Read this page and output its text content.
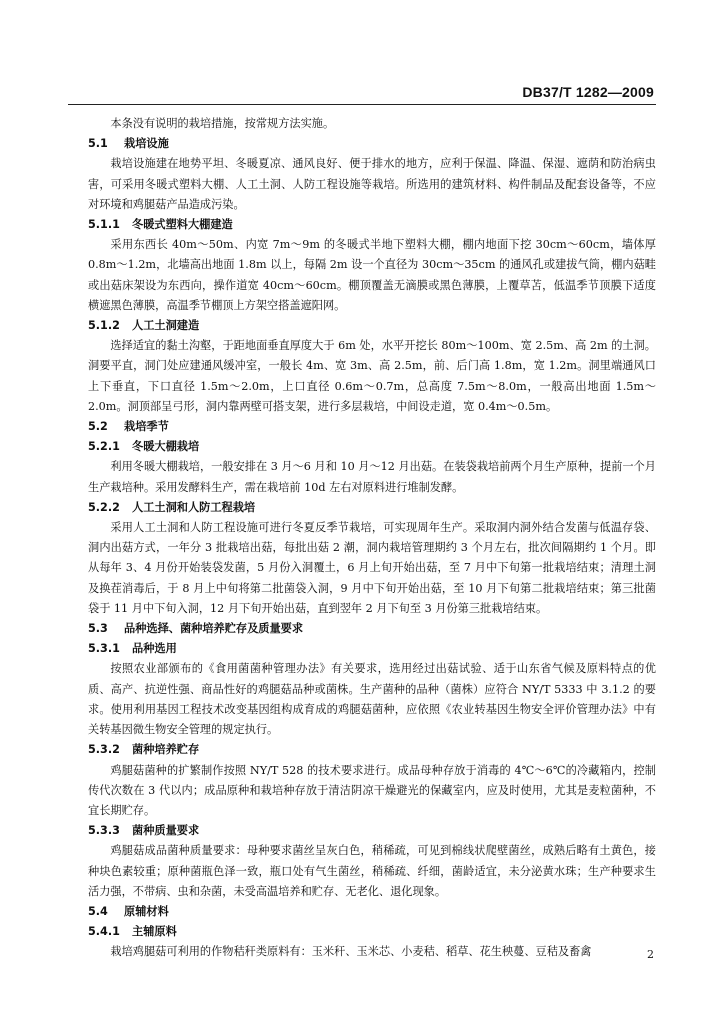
DB37/T 1282—2009

本条没有说明的栽培措施，按常规方法实施。

5.1 栽培设施

栽培设施建在地势平坦、冬暖夏凉、通风良好、便于排水的地方，应利于保温、降温、保湿、遮荫和防治病虫害，可采用冬暖式塑料大棚、人工土洞、人防工程设施等栽培。所选用的建筑材料、构件制品及配套设备等，不应对环境和鸡腿菇产品造成污染。

5.1.1 冬暖式塑料大棚建造

采用东西长 40m～50m、内宽 7m～9m 的冬暖式半地下塑料大棚，棚内地面下挖 30cm～60cm，墙体厚 0.8m～1.2m，北墙高出地面 1.8m 以上，每隔 2m 设一个直径为 30cm～35cm 的通风孔或建拔气筒，棚内菇畦或出菇床架设为东西向，操作道宽 40cm～60cm。棚顶覆盖无滴膜或黑色薄膜，上覆草苫，低温季节顶膜下适度横遮黑色薄膜，高温季节棚顶上方架空搭盖遮阳网。

5.1.2 人工土洞建造

选择适宜的黏土沟壑，于距地面垂直厚度大于 6m 处，水平开挖长 80m～100m、宽 2.5m、高 2m 的土洞。洞要平直，洞门处应建通风缓冲室，一般长 4m、宽 3m、高 2.5m，前、后门高 1.8m，宽 1.2m。洞里端通风口上下垂直，下口直径 1.5m～2.0m，上口直径 0.6m～0.7m，总高度 7.5m～8.0m，一般高出地面 1.5m～2.0m。洞顶部呈弓形，洞内靠两壁可搭支架，进行多层栽培，中间设走道，宽 0.4m～0.5m。

5.2 栽培季节
5.2.1 冬暖大棚栽培

利用冬暖大棚栽培，一般安排在 3 月～6 月和 10 月～12 月出菇。在装袋栽培前两个月生产原种，提前一个月生产栽培种。采用发酵料生产，需在栽培前 10d 左右对原料进行堆制发酵。

5.2.2 人工土洞和人防工程栽培

采用人工土洞和人防工程设施可进行冬夏反季节栽培，可实现周年生产。采取洞内洞外结合发菌与低温存袋、洞内出菇方式，一年分 3 批栽培出菇，每批出菇 2 潮，洞内栽培管理期约 3 个月左右，批次间隔期约 1 个月。即从每年 3、4 月份开始装袋发菌，5 月份入洞覆土，6 月上旬开始出菇，至 7 月中下旬第一批栽培结束；清理土洞及换茬消毒后，于 8 月上中旬将第二批菌袋入洞，9 月中下旬开始出菇，至 10 月下旬第二批栽培结束；第三批菌袋于 11 月中下旬入洞，12 月下旬开始出菇，直到翌年 2 月下旬至 3 月份第三批栽培结束。

5.3 品种选择、菌种培养贮存及质量要求
5.3.1 品种选用

按照农业部颁布的《食用菌菌种管理办法》有关要求，选用经过出菇试验、适于山东省气候及原料特点的优质、高产、抗逆性强、商品性好的鸡腿菇品种或菌株。生产菌种的品种（菌株）应符合 NY/T 5333 中 3.1.2 的要求。使用利用基因工程技术改变基因组构成育成的鸡腿菇菌种，应依照《农业转基因生物安全评价管理办法》中有关转基因微生物安全管理的规定执行。

5.3.2 菌种培养贮存

鸡腿菇菌种的扩繁制作按照 NY/T 528 的技术要求进行。成品母种存放于消毒的 4℃～6℃的冷藏箱内，控制传代次数在 3 代以内；成品原种和栽培种存放于清洁阴凉干燥避光的保藏室内，应及时使用，尤其是麦粒菌种，不宜长期贮存。

5.3.3 菌种质量要求

鸡腿菇成品菌种质量要求：母种要求菌丝呈灰白色，稍稀疏，可见到棉线状爬壁菌丝，成熟后略有土黄色，接种块色素较重；原种菌瓶色泽一致，瓶口处有气生菌丝，稍稀疏、纤细，菌龄适宜，未分泌黄水珠；生产种要求生活力强，不带病、虫和杂菌，未受高温培养和贮存、无老化、退化现象。

5.4 原辅材料
5.4.1 主辅原料

栽培鸡腿菇可利用的作物秸秆类原料有：玉米秆、玉米芯、小麦秸、稻草、花生秧蔓、豆秸及畜禽	2
